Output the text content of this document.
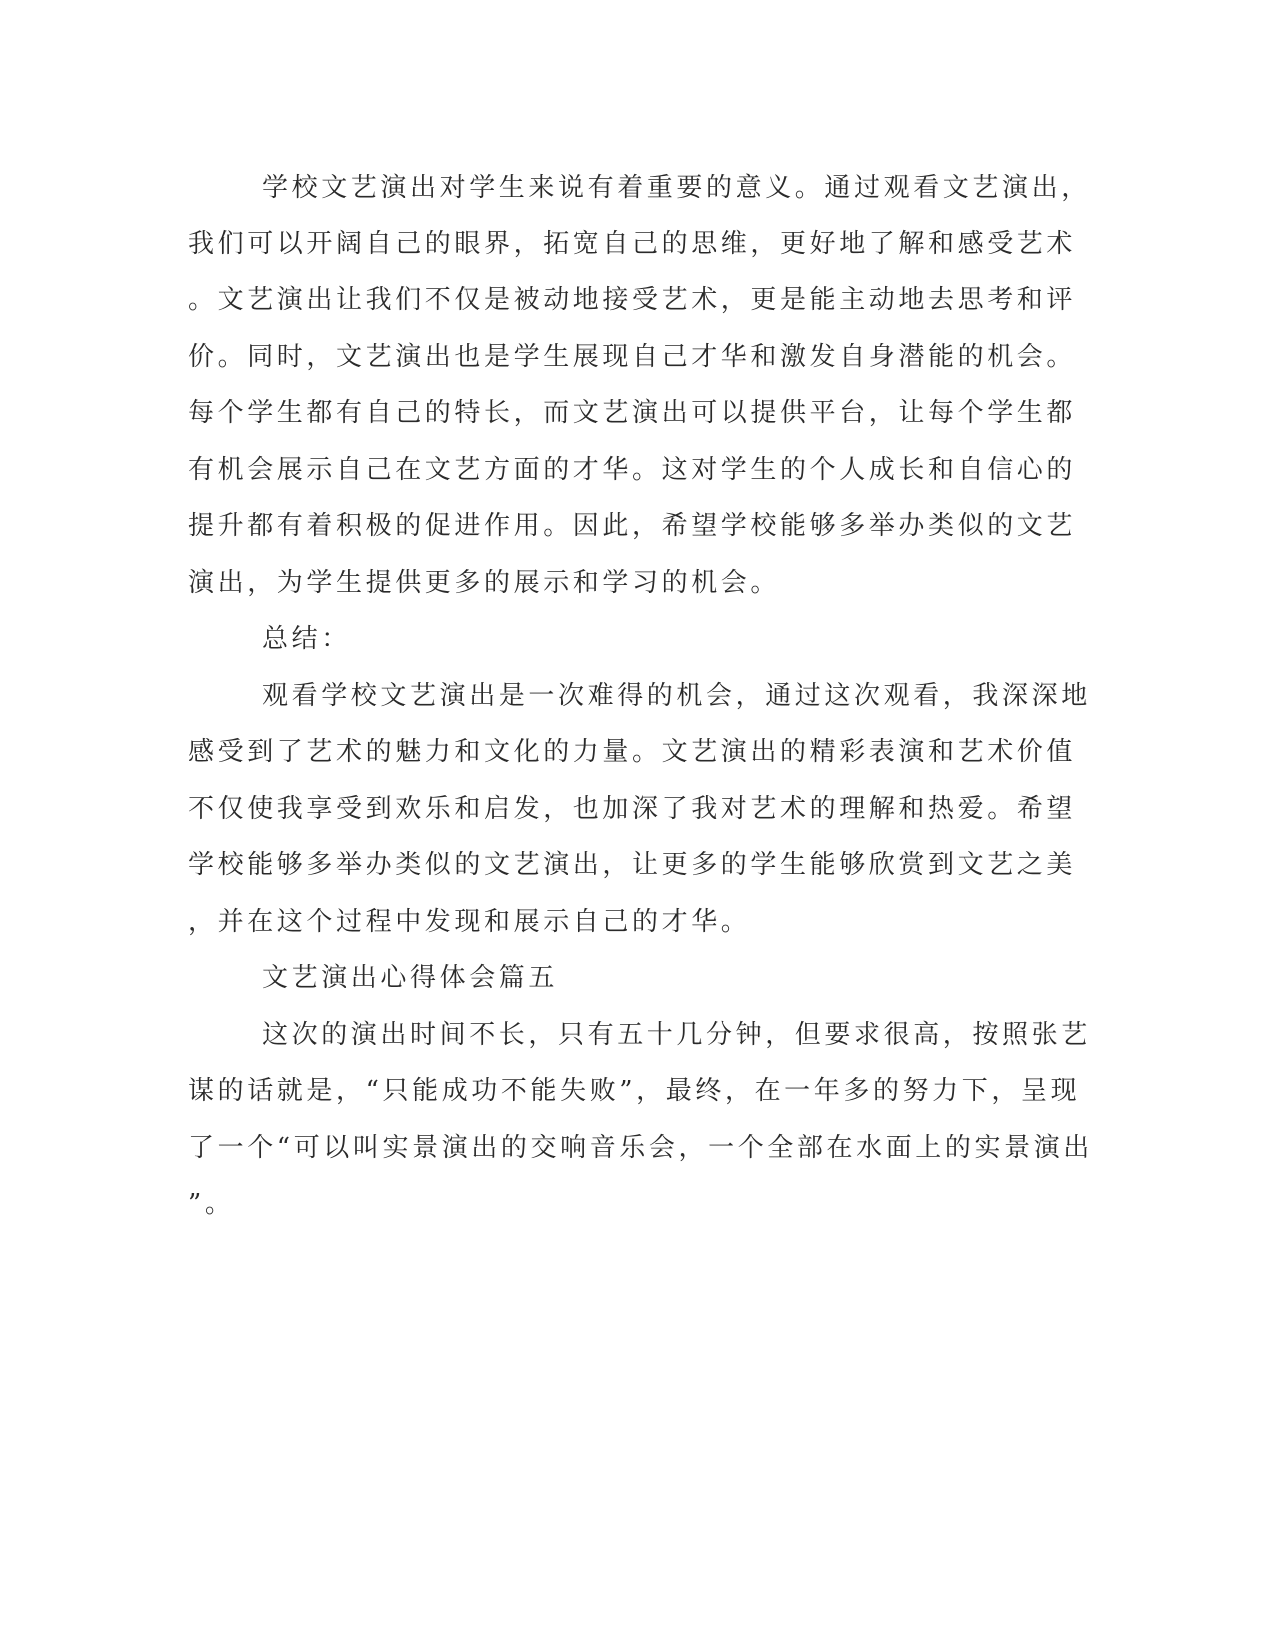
学校文艺演出对学生来说有着重要的意义。通过观看文艺演出，
我们可以开阔自己的眼界，拓宽自己的思维，更好地了解和感受艺术
。文艺演出让我们不仅是被动地接受艺术，更是能主动地去思考和评
价。同时，文艺演出也是学生展现自己才华和激发自身潜能的机会。
每个学生都有自己的特长，而文艺演出可以提供平台，让每个学生都
有机会展示自己在文艺方面的才华。这对学生的个人成长和自信心的
提升都有着积极的促进作用。因此，希望学校能够多举办类似的文艺
演出，为学生提供更多的展示和学习的机会。
总结：
观看学校文艺演出是一次难得的机会，通过这次观看，我深深地
感受到了艺术的魅力和文化的力量。文艺演出的精彩表演和艺术价值
不仅使我享受到欢乐和启发，也加深了我对艺术的理解和热爱。希望
学校能够多举办类似的文艺演出，让更多的学生能够欣赏到文艺之美
，并在这个过程中发现和展示自己的才华。
文艺演出心得体会篇五
这次的演出时间不长，只有五十几分钟，但要求很高，按照张艺
谋的话就是，“只能成功不能失败”，最终，在一年多的努力下，呈现
了一个“可以叫实景演出的交响音乐会，一个全部在水面上的实景演出
”。
